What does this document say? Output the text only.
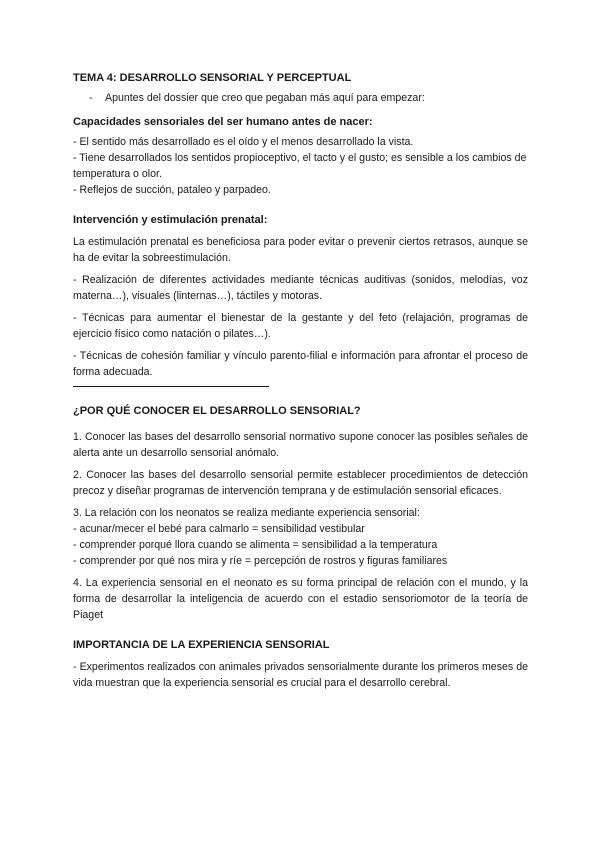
TEMA 4: DESARROLLO SENSORIAL Y PERCEPTUAL

- Apuntes del dossier que creo que pegaban más aquí para empezar:

Capacidades sensoriales del ser humano antes de nacer:

- El sentido más desarrollado es el oído y el menos desarrollado la vista.

- Tiene desarrollados los sentidos propioceptivo, el tacto y el gusto; es sensible a los cambios de temperatura o olor.

- Reflejos de succión, pataleo y parpadeo.

Intervención y estimulación prenatal:

La estimulación prenatal es beneficiosa para poder evitar o prevenir ciertos retrasos, aunque se ha de evitar la sobreestimulación.

- Realización de diferentes actividades mediante técnicas auditivas (sonidos, melodías, voz materna…), visuales (linternas…), táctiles y motoras.

- Técnicas para aumentar el bienestar de la gestante y del feto (relajación, programas de ejercicio físico como natación o pilates…).

- Técnicas de cohesión familiar y vínculo parento-filial e información para afrontar el proceso de forma adecuada.

¿POR QUÉ CONOCER EL DESARROLLO SENSORIAL?

1. Conocer las bases del desarrollo sensorial normativo supone conocer las posibles señales de alerta ante un desarrollo sensorial anómalo.

2. Conocer las bases del desarrollo sensorial permite establecer procedimientos de detección precoz y diseñar programas de intervención temprana y de estimulación sensorial eficaces.

3. La relación con los neonatos se realiza mediante experiencia sensorial:

- acunar/mecer el bebé para calmarlo = sensibilidad vestibular

- comprender porqué llora cuando se alimenta = sensibilidad a la temperatura

- comprender por qué nos mira y ríe = percepción de rostros y figuras familiares

4. La experiencia sensorial en el neonato es su forma principal de relación con el mundo, y la forma de desarrollar la inteligencia de acuerdo con el estadio sensoriomotor de la teoría de Piaget

IMPORTANCIA DE LA EXPERIENCIA SENSORIAL

- Experimentos realizados con animales privados sensorialmente durante los primeros meses de vida muestran que la experiencia sensorial es crucial para el desarrollo cerebral.
